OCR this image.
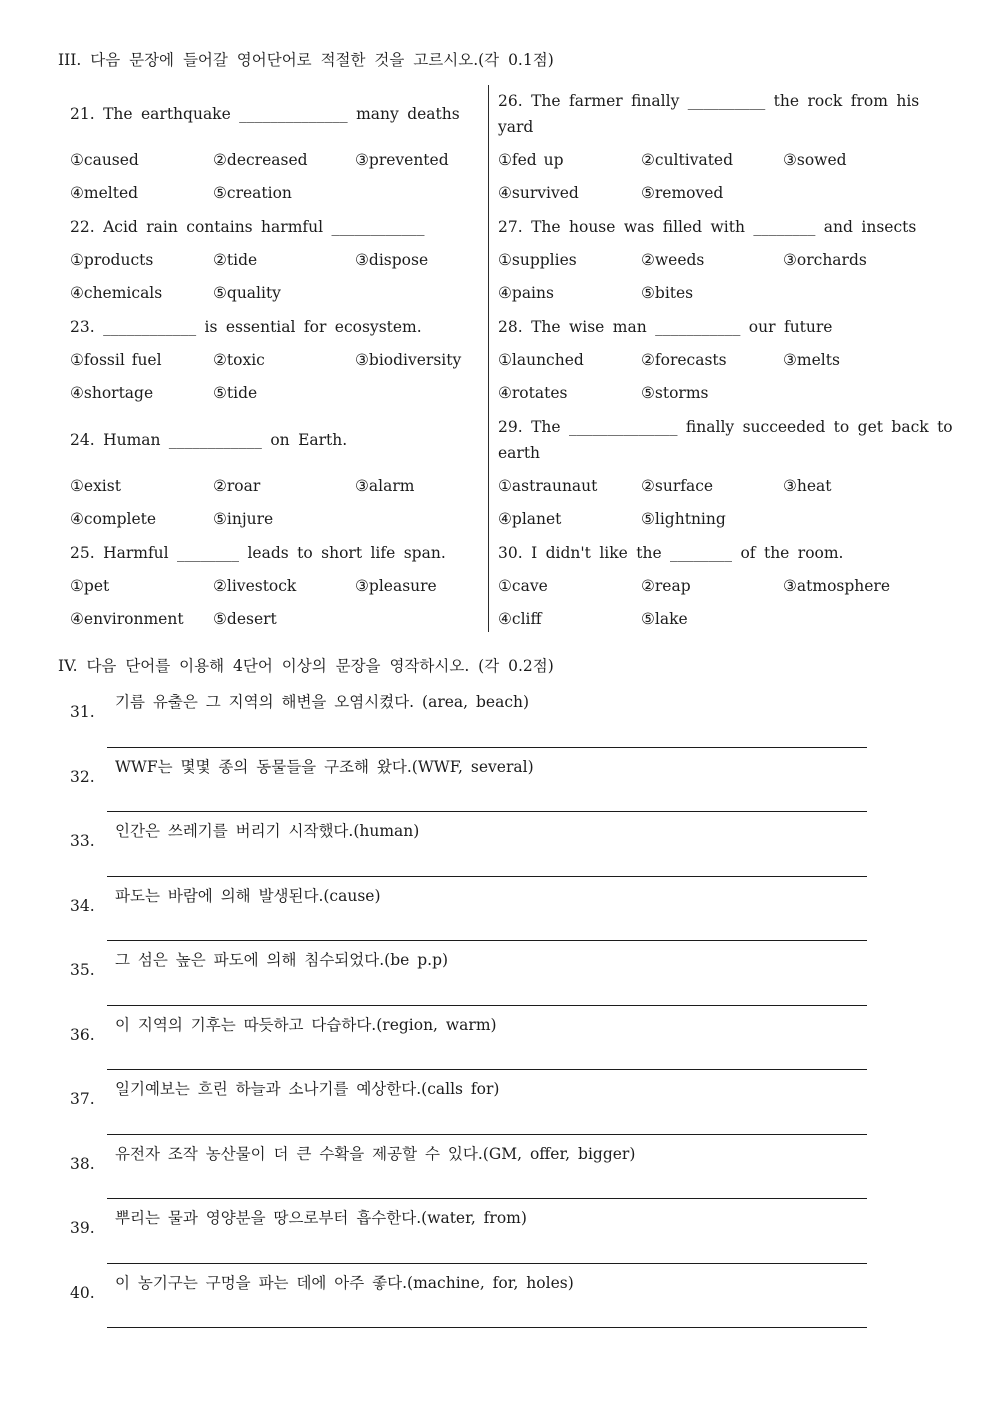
III. 다음 문장에 들어갈 영어단어로 적절한 것을 고르시오.(각 0.1점)
21. The earthquake ______________ many deaths
①caused	②decreased	③prevented
④melted	⑤creation
22. Acid rain contains harmful ____________
①products	②tide	③dispose
④chemicals	⑤quality
23. ____________ is essential for ecosystem.
①fossil fuel	②toxic	③biodiversity
④shortage	⑤tide
24. Human ____________ on Earth.
①exist	②roar	③alarm
④complete	⑤injure
25. Harmful ________ leads to short life span.
①pet	②livestock	③pleasure
④environment	⑤desert
26. The farmer finally __________ the rock from his yard
①fed up	②cultivated	③sowed
④survived	⑤removed
27. The house was filled with ________ and insects
①supplies	②weeds	③orchards
④pains	⑤bites
28. The wise man ___________ our future
①launched	②forecasts	③melts
④rotates	⑤storms
29. The ______________ finally succeeded to get back to earth
①astraunaut	②surface	③heat
④planet	⑤lightning
30. I didn't like the ________ of the room.
①cave	②reap	③atmosphere
④cliff	⑤lake
IV. 다음 단어를 이용해 4단어 이상의 문장을 영작하시오. (각 0.2점)
31.
기름 유출은 그 지역의 해변을 오염시켰다. (area, beach)
32.
WWF는 몇몇 종의 동물들을 구조해 왔다.(WWF, several)
33.
인간은 쓰레기를 버리기 시작했다.(human)
34.
파도는 바람에 의해 발생된다.(cause)
35.
그 섬은 높은 파도에 의해 침수되었다.(be p.p)
36.
이 지역의 기후는 따듯하고 다습하다.(region, warm)
37.
일기예보는 흐린 하늘과 소나기를 예상한다.(calls for)
38.
유전자 조작 농산물이 더 큰 수확을 제공할 수 있다.(GM, offer, bigger)
39.
뿌리는 물과 영양분을 땅으로부터 흡수한다.(water, from)
40.
이 농기구는 구멍을 파는 데에 아주 좋다.(machine, for, holes)
